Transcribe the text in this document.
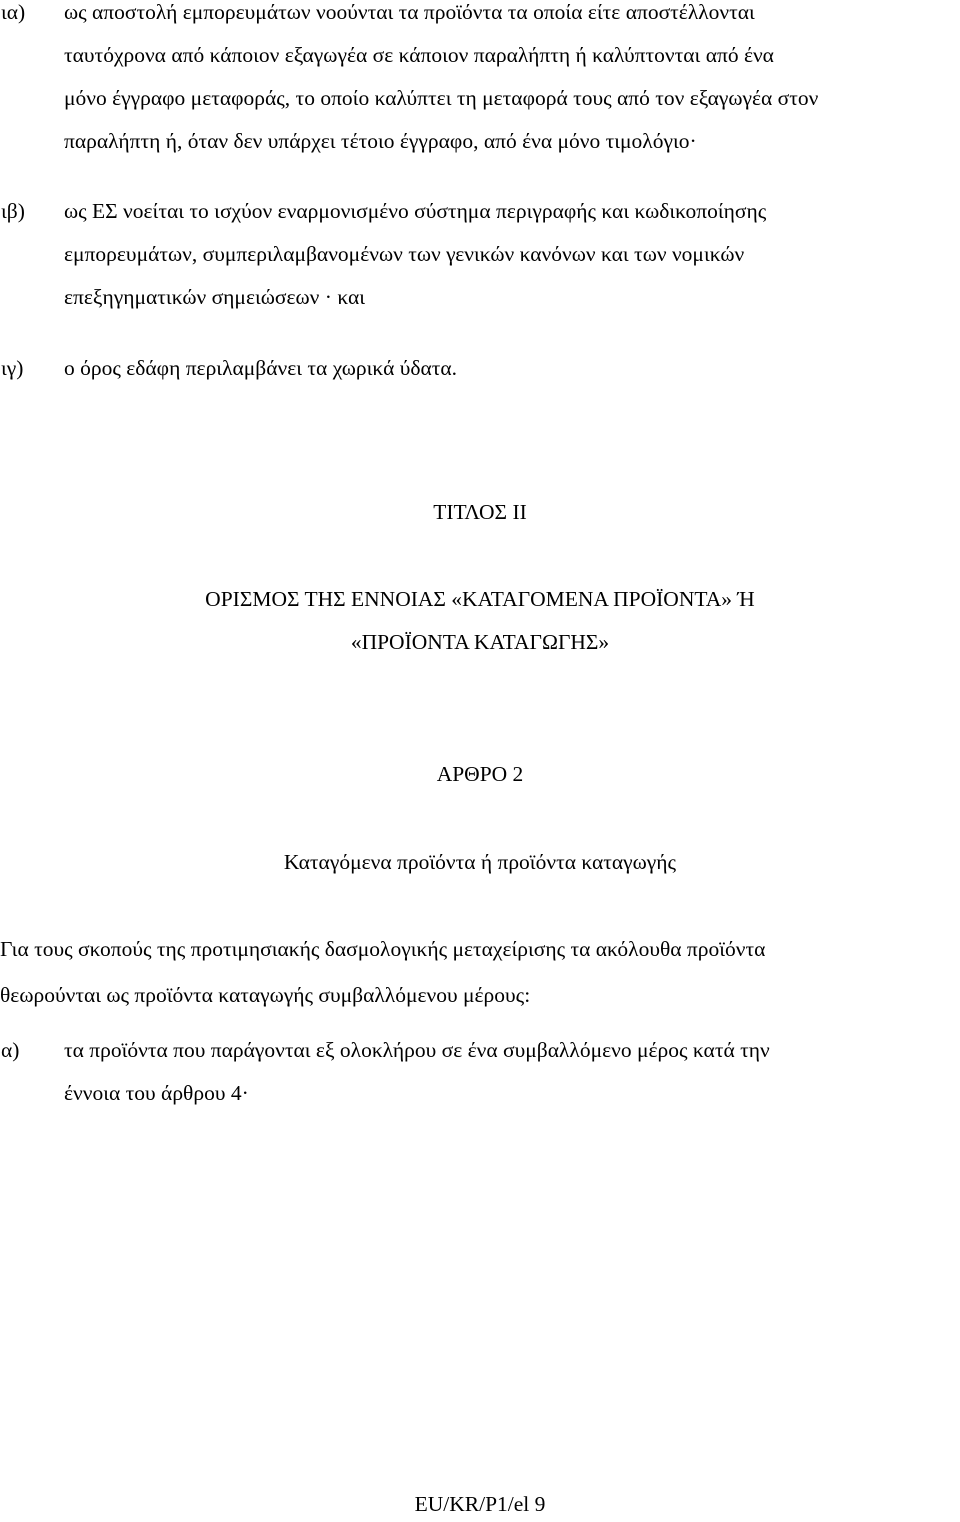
ια) ως αποστολή εμπορευμάτων νοούνται τα προϊόντα τα οποία είτε αποστέλλονται
ταυτόχρονα από κάποιον εξαγωγέα σε κάποιον παραλήπτη ή καλύπτονται από ένα
μόνο έγγραφο μεταφοράς, το οποίο καλύπτει τη μεταφορά τους από τον εξαγωγέα στον
παραλήπτη ή, όταν δεν υπάρχει τέτοιο έγγραφο, από ένα μόνο τιμολόγιο·
ιβ) ως ΕΣ νοείται το ισχύον εναρμονισμένο σύστημα περιγραφής και κωδικοποίησης
εμπορευμάτων, συμπεριλαμβανομένων των γενικών κανόνων και των νομικών
επεξηγηματικών σημειώσεων · και
ιγ) ο όρος εδάφη περιλαμβάνει τα χωρικά ύδατα.
ΤΙΤΛΟΣ ΙΙ
ΟΡΙΣΜΟΣ ΤΗΣ ΕΝΝΟΙΑΣ «ΚΑΤΑΓΟΜΕΝΑ ΠΡΟΪΟΝΤΑ» Ή
«ΠΡΟΪΟΝΤΑ ΚΑΤΑΓΩΓΗΣ»
ΑΡΘΡΟ 2
Καταγόμενα προϊόντα ή προϊόντα καταγωγής
Για τους σκοπούς της προτιμησιακής δασμολογικής μεταχείρισης τα ακόλουθα προϊόντα
θεωρούνται ως προϊόντα καταγωγής συμβαλλόμενου μέρους:
α) τα προϊόντα που παράγονται εξ ολοκλήρου σε ένα συμβαλλόμενο μέρος κατά την
έννοια του άρθρου 4·
EU/KR/P1/el 9
